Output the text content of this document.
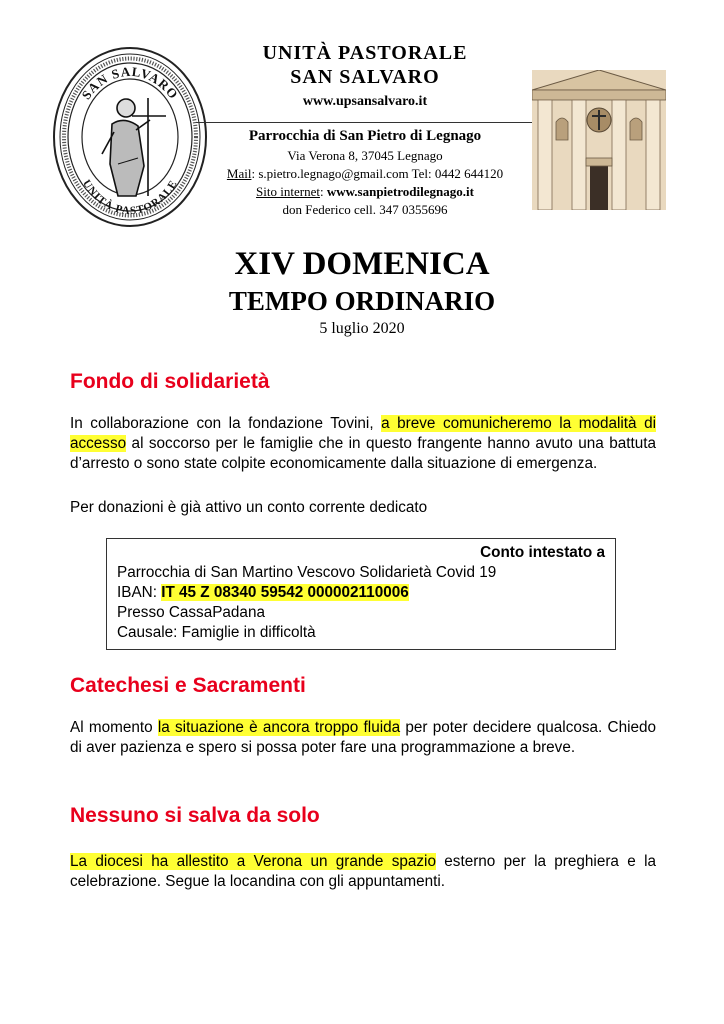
SAN SALVARO
UNITÀ PASTORALE
UNITÀ PASTORALE
SAN SALVARO
www.upsansalvaro.it
Parrocchia di San Pietro di Legnago
Via Verona 8, 37045 Legnago
Mail: s.pietro.legnago@gmail.com Tel: 0442 644120
Sito internet: www.sanpietrodilegnago.it
don Federico cell. 347 0355696
XIV DOMENICA
TEMPO ORDINARIO
5 luglio 2020
Fondo di solidarietà
In collaborazione con la fondazione Tovini, a breve comunicheremo la modalità di accesso al soccorso per le famiglie che in questo frangente hanno avuto una battuta d’arresto o sono state colpite economicamente dalla situazione di emergenza.
Per donazioni è già attivo un conto corrente dedicato
Conto intestato a
Parrocchia di San Martino Vescovo Solidarietà Covid 19
IBAN: IT 45 Z 08340 59542 000002110006
Presso CassaPadana
Causale: Famiglie in difficoltà
Catechesi e Sacramenti
Al momento la situazione è ancora troppo fluida per poter decidere qualcosa. Chiedo di aver pazienza e spero si possa poter fare una programmazione a breve.
Nessuno si salva da solo
La diocesi ha allestito a Verona un grande spazio esterno per la preghiera e la celebrazione. Segue la locandina con gli appuntamenti.
